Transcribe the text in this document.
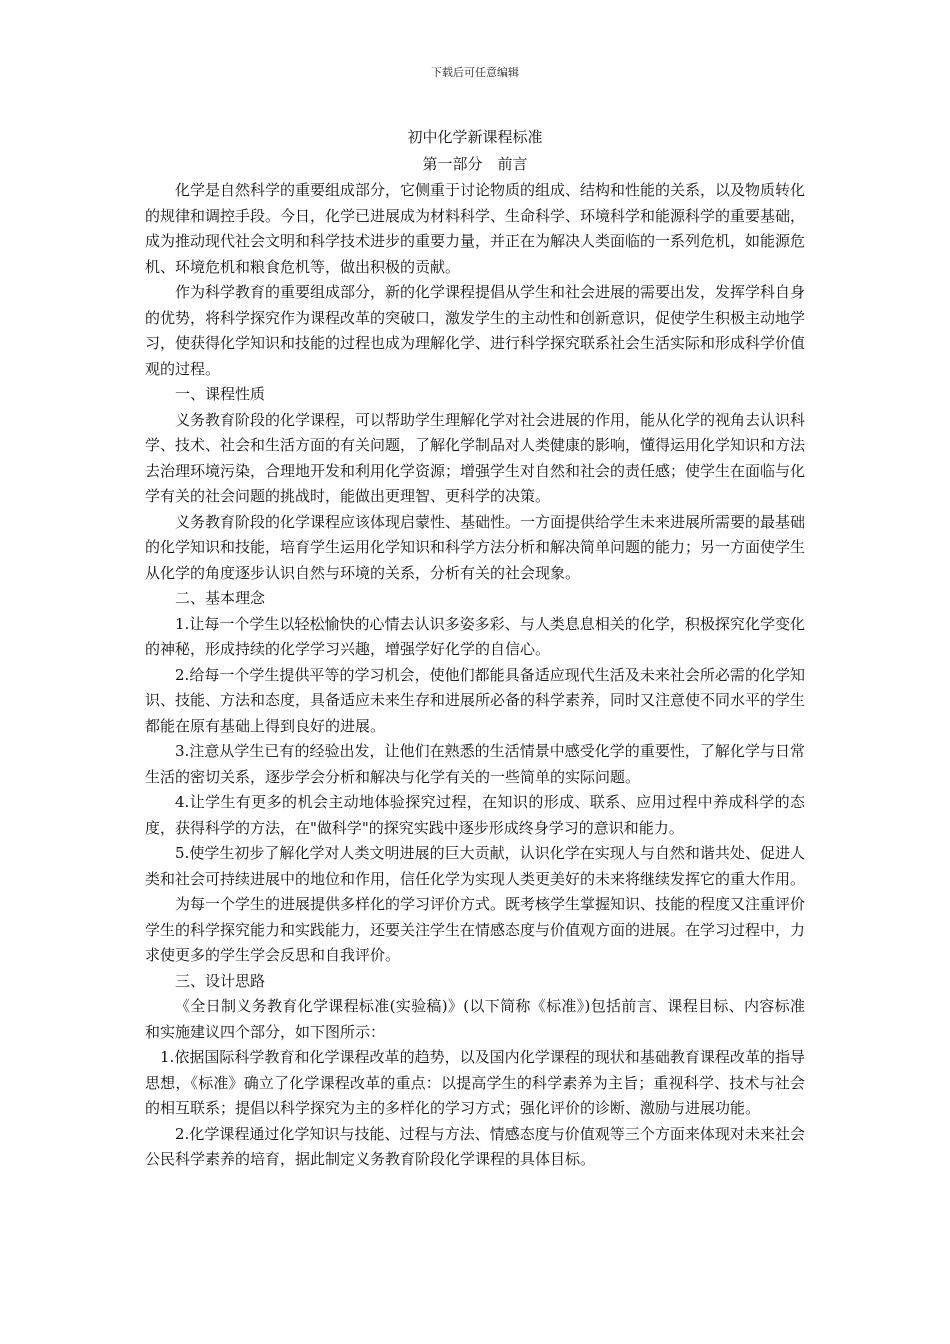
下载后可任意编辑
初中化学新课程标准
第一部分　前言

化学是自然科学的重要组成部分，它侧重于讨论物质的组成、结构和性能的关系，以及物质转化的规律和调控手段。今日，化学已进展成为材料科学、生命科学、环境科学和能源科学的重要基础，成为推动现代社会文明和科学技术进步的重要力量，并正在为解决人类面临的一系列危机，如能源危机、环境危机和粮食危机等，做出积极的贡献。

作为科学教育的重要组成部分，新的化学课程提倡从学生和社会进展的需要出发，发挥学科自身的优势，将科学探究作为课程改革的突破口，激发学生的主动性和创新意识，促使学生积极主动地学习，使获得化学知识和技能的过程也成为理解化学、进行科学探究联系社会生活实际和形成科学价值观的过程。

一、课程性质

义务教育阶段的化学课程，可以帮助学生理解化学对社会进展的作用，能从化学的视角去认识科学、技术、社会和生活方面的有关问题，了解化学制品对人类健康的影响，懂得运用化学知识和方法去治理环境污染，合理地开发和利用化学资源；增强学生对自然和社会的责任感；使学生在面临与化学有关的社会问题的挑战时，能做出更理智、更科学的决策。

义务教育阶段的化学课程应该体现启蒙性、基础性。一方面提供给学生未来进展所需要的最基础的化学知识和技能，培育学生运用化学知识和科学方法分析和解决简单问题的能力；另一方面使学生从化学的角度逐步认识自然与环境的关系，分析有关的社会现象。

二、基本理念

1.让每一个学生以轻松愉快的心情去认识多姿多彩、与人类息息相关的化学，积极探究化学变化的神秘，形成持续的化学学习兴趣，增强学好化学的自信心。

2.给每一个学生提供平等的学习机会，使他们都能具备适应现代生活及未来社会所必需的化学知识、技能、方法和态度，具备适应未来生存和进展所必备的科学素养，同时又注意使不同水平的学生都能在原有基础上得到良好的进展。

3.注意从学生已有的经验出发，让他们在熟悉的生活情景中感受化学的重要性，了解化学与日常生活的密切关系，逐步学会分析和解决与化学有关的一些简单的实际问题。

4.让学生有更多的机会主动地体验探究过程，在知识的形成、联系、应用过程中养成科学的态度，获得科学的方法，在"做科学"的探究实践中逐步形成终身学习的意识和能力。

5.使学生初步了解化学对人类文明进展的巨大贡献，认识化学在实现人与自然和谐共处、促进人类和社会可持续进展中的地位和作用，信任化学为实现人类更美好的未来将继续发挥它的重大作用。

为每一个学生的进展提供多样化的学习评价方式。既考核学生掌握知识、技能的程度又注重评价学生的科学探究能力和实践能力，还要关注学生在情感态度与价值观方面的进展。在学习过程中，力求使更多的学生学会反思和自我评价。

三、设计思路

《全日制义务教育化学课程标准(实验稿)》(以下简称《标准》)包括前言、课程目标、内容标准和实施建议四个部分，如下图所示：

1.依据国际科学教育和化学课程改革的趋势，以及国内化学课程的现状和基础教育课程改革的指导思想，《标准》确立了化学课程改革的重点：以提高学生的科学素养为主旨；重视科学、技术与社会的相互联系；提倡以科学探究为主的多样化的学习方式；强化评价的诊断、激励与进展功能。

2.化学课程通过化学知识与技能、过程与方法、情感态度与价值观等三个方面来体现对未来社会公民科学素养的培育，据此制定义务教育阶段化学课程的具体目标。
